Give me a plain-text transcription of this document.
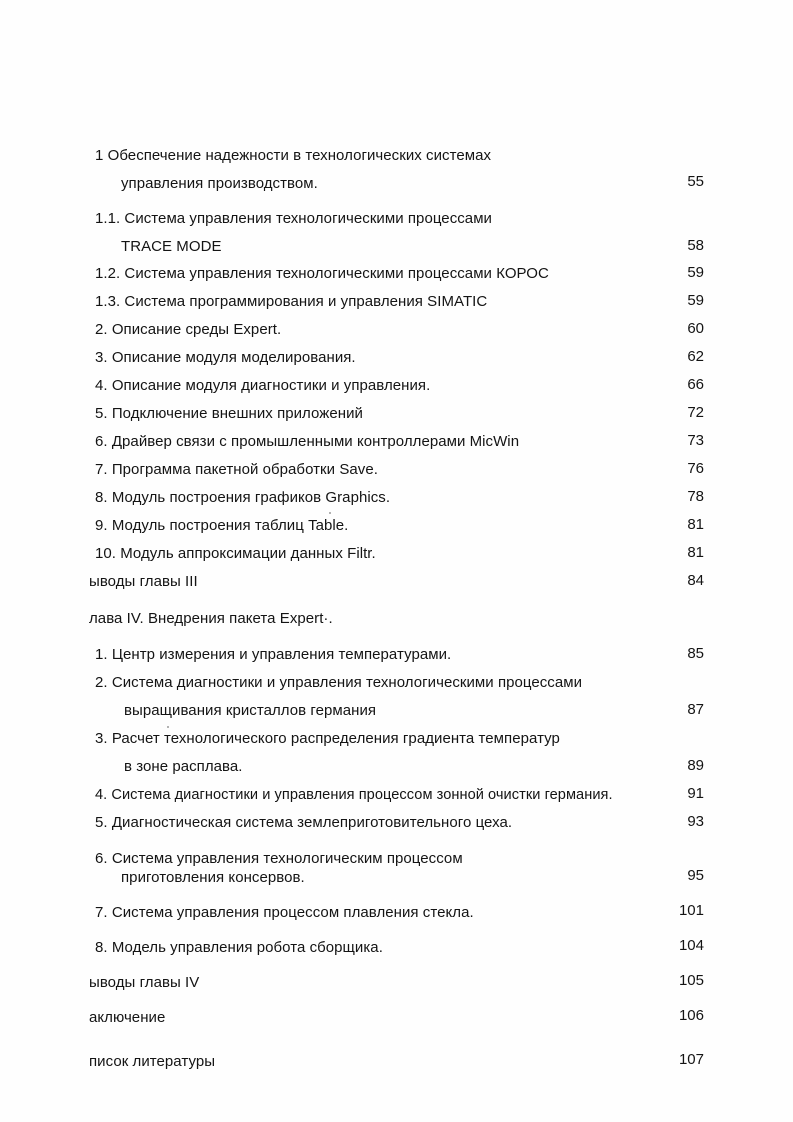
1 Обеспечение надежности в технологических системах
управления производством.	55
1.1. Система управления технологическими процессами
TRACE MODE	58
1.2. Система управления технологическими процессами КОРОС	59
1.3. Система программирования и управления SIMATIC	59
2. Описание среды Expert.	60
3. Описание модуля моделирования.	62
4. Описание модуля диагностики и управления.	66
5. Подключение внешних приложений	72
6. Драйвер связи с промышленными контроллерами MicWin	73
7. Программа пакетной обработки Save.	76
8. Модуль построения графиков Graphics.	78
9. Модуль построения таблиц Table.	81
10. Модуль аппроксимации данных Filtr.	81
ыводы главы III	84
лава IV. Внедрения пакета Expert·.
1. Центр измерения и управления температурами.	85
2. Система диагностики и управления технологическими процессами
выращивания кристаллов германия	87
3. Расчет технологического распределения градиента температур
в зоне расплава.	89
4. Система диагностики и управления процессом зонной очистки германия.	91
5. Диагностическая система землеприготовительного цеха.	93
6. Система управления технологическим процессом
приготовления консервов.	95
7. Система управления процессом плавления стекла.	101
8. Модель управления робота сборщика.	104
ыводы главы IV	105
аключение	106
писок литературы	107
